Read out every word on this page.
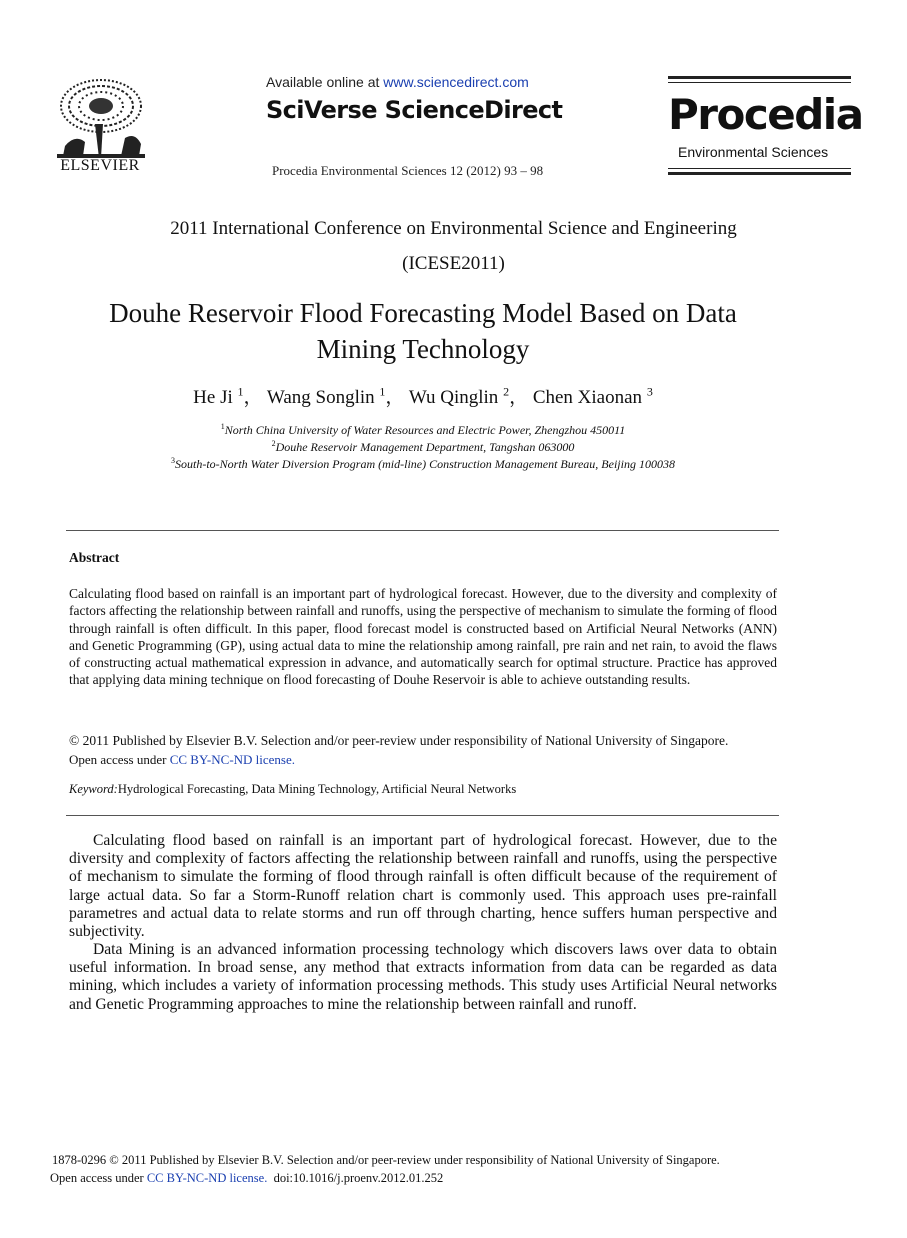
ELSEVIER
Available online at www.sciencedirect.com
SciVerse ScienceDirect
Procedia Environmental Sciences 12 (2012) 93 – 98
Procedia
Environmental Sciences
2011 International Conference on Environmental Science and Engineering
(ICESE2011)
Douhe Reservoir Flood Forecasting Model Based on Data
Mining Technology
He Ji $^1$， Wang Songlin $^1$， Wu Qinglin $^2$， Chen Xiaonan $^3$
$^1$North China University of Water Resources and Electric Power, Zhengzhou 450011
$^2$Douhe Reservoir Management Department, Tangshan 063000
$^3$South-to-North Water Diversion Program (mid-line) Construction Management Bureau, Beijing 100038
Abstract
Calculating flood based on rainfall is an important part of hydrological forecast. However, due to the diversity and complexity of factors affecting the relationship between rainfall and runoffs, using the perspective of mechanism to simulate the forming of flood through rainfall is often difficult. In this paper, flood forecast model is constructed based on Artificial Neural Networks (ANN) and Genetic Programming (GP), using actual data to mine the relationship among rainfall, pre rain and net rain, to avoid the flaws of constructing actual mathematical expression in advance, and automatically search for optimal structure. Practice has approved that applying data mining technique on flood forecasting of Douhe Reservoir is able to achieve outstanding results.
© 2011 Published by Elsevier B.V. Selection and/or peer-review under responsibility of National University of Singapore.
Open access under CC BY-NC-ND license.
Keyword:Hydrological Forecasting, Data Mining Technology, Artificial Neural Networks
Calculating flood based on rainfall is an important part of hydrological forecast. However, due to the diversity and complexity of factors affecting the relationship between rainfall and runoffs, using the perspective of mechanism to simulate the forming of flood through rainfall is often difficult because of the requirement of large actual data. So far a Storm-Runoff relation chart is commonly used. This approach uses pre-rainfall parametres and actual data to relate storms and run off through charting, hence suffers human perspective and subjectivity.
Data Mining is an advanced information processing technology which discovers laws over data to obtain useful information. In broad sense, any method that extracts information from data can be regarded as data mining, which includes a variety of information processing methods. This study uses Artificial Neural networks and Genetic Programming approaches to mine the relationship between rainfall and runoff.
1878-0296 © 2011 Published by Elsevier B.V. Selection and/or peer-review under responsibility of National University of Singapore.
Open access under CC BY-NC-ND license. doi:10.1016/j.proenv.2012.01.252
